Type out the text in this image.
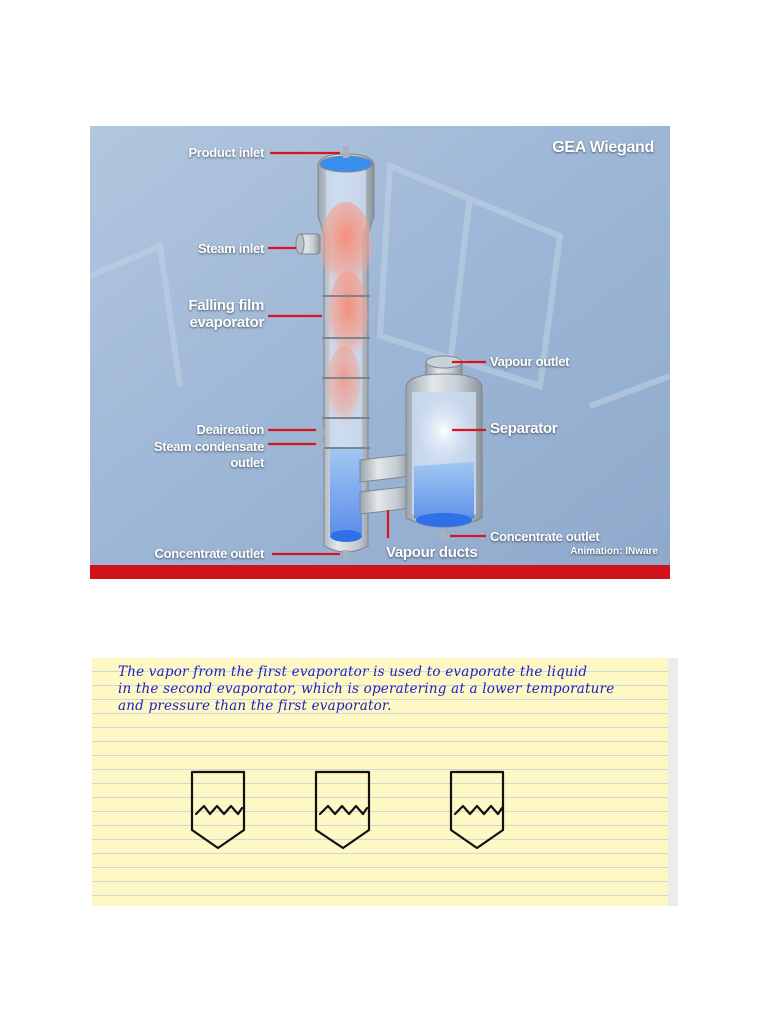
GEA Wiegand
Product inlet
Steam inlet
Falling film
evaporator
Deaireation
Steam condensate
outlet
Concentrate outlet	Vapour ducts
Vapour outlet
Separator
Concentrate outlet
Animation: INware
The vapor from the first evaporator is used to evaporate the liquid
in the second evaporator, which is operatering at a lower temporature
and pressure than the first evaporator.
